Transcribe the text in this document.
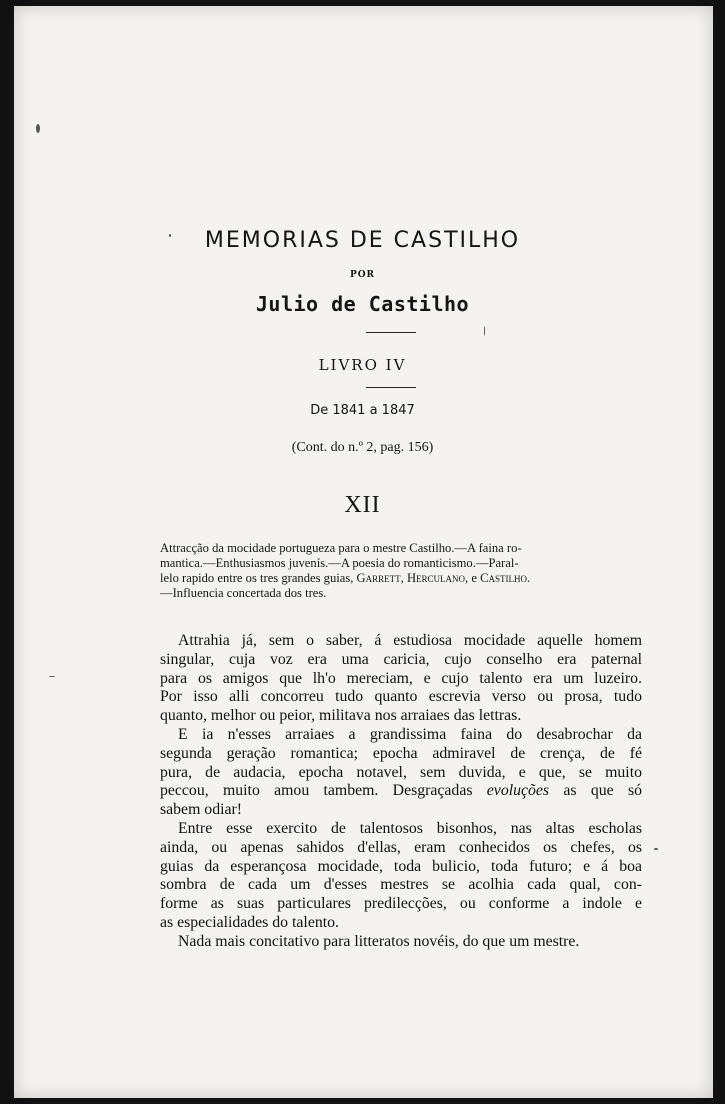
MEMORIAS DE CASTILHO
POR
Julio de Castilho
LIVRO IV
De 1841 a 1847
(Cont. do n.º 2, pag. 156)
XII
Attracção da mocidade portugueza para o mestre Castilho.—A faina ro-
mantica.—Enthusiasmos juvenís.—A poesia do romanticismo.—Paral-
lelo rapido entre os tres grandes guias, Garrett, Herculano, e Castilho.
—Influencia concertada dos tres.
Attrahia já, sem o saber, á estudiosa mocidade aquelle homem
singular, cuja voz era uma caricia, cujo conselho era paternal
para os amigos que lh'o mereciam, e cujo talento era um luzeiro.
Por isso alli concorreu tudo quanto escrevia verso ou prosa, tudo
quanto, melhor ou peior, militava nos arraiaes das lettras.
E ia n'esses arraiaes a grandissima faina do desabrochar da
segunda geração romantica; epocha admiravel de crença, de fé
pura, de audacia, epocha notavel, sem duvida, e que, se muito
peccou, muito amou tambem. Desgraçadas evoluções as que só
sabem odiar!
Entre esse exercito de talentosos bisonhos, nas altas escholas
ainda, ou apenas sahidos d'ellas, eram conhecidos os chefes, os
guias da esperançosa mocidade, toda bulicio, toda futuro; e á boa
sombra de cada um d'esses mestres se acolhia cada qual, con-
forme as suas particulares predilecções, ou conforme a indole e
as especialidades do talento.
Nada mais concitativo para litteratos novéis, do que um mestre.
